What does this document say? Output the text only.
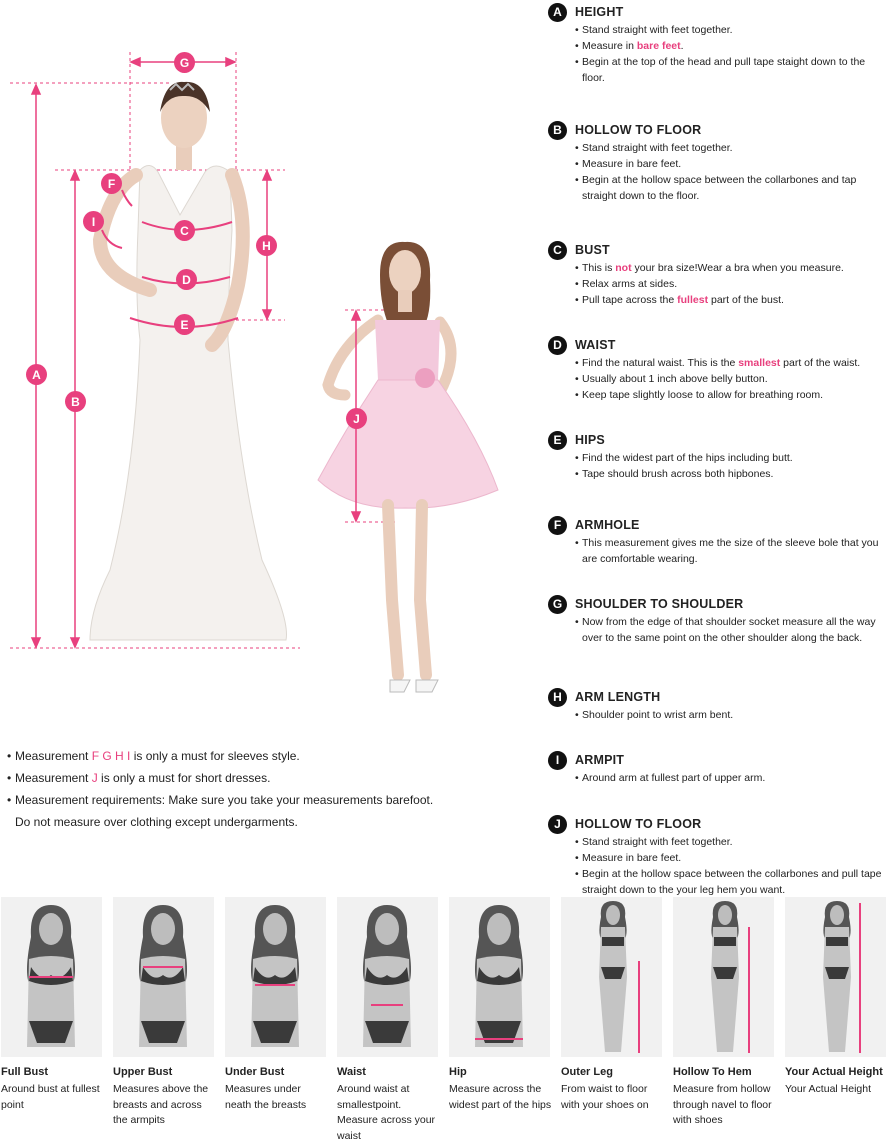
A
B
C
D
E
F
G
H
I
J
A	HEIGHT
• Stand straight with feet together.
• Measure in bare feet.
• Begin at the top of the head and pull tape staight down to the floor.
B	HOLLOW TO FLOOR
• Stand straight with feet together.
• Measure in bare feet.
• Begin at the hollow space between the collarbones and tap straight down to the floor.
C	BUST
• This is not your bra size!Wear a bra when you measure.
• Relax arms at sides.
• Pull tape across the fullest part of the bust.
D	WAIST
• Find the natural waist. This is the smallest part of the waist.
• Usually about 1 inch above belly button.
• Keep tape slightly loose to allow for breathing room.
E	HIPS
• Find the widest part of the hips including butt.
• Tape should brush across both hipbones.
F	ARMHOLE
• This measurement gives me the size of the sleeve bole that you are comfortable wearing.
G	SHOULDER TO SHOULDER
• Now from the edge of that shoulder socket measure all the way over to the same point on the other shoulder along the back.
H	ARM LENGTH
• Shoulder point to wrist arm bent.
I	ARMPIT
• Around arm at fullest part of upper arm.
J	HOLLOW TO FLOOR
• Stand straight with feet together.
• Measure in bare feet.
• Begin at the hollow space between the collarbones and pull tape straight down to the your leg hem you want.
• Measurement F G H I is only a must for sleeves style.
• Measurement J is only a must for short dresses.
• Measurement requirements: Make sure you take your measurements barefoot.
Do not measure over clothing except undergarments.
Full Bust
Around bust at fullest point
Upper Bust
Measures above the breasts and across the armpits
Under Bust
Measures under neath the breasts
Waist
Around waist at smallestpoint. Measure across your waist
Hip
Measure across the widest part of the hips
Outer Leg
From waist to floor with your shoes on
Hollow To Hem
Measure from hollow through navel to floor with shoes
Your Actual Height
Your Actual Height
